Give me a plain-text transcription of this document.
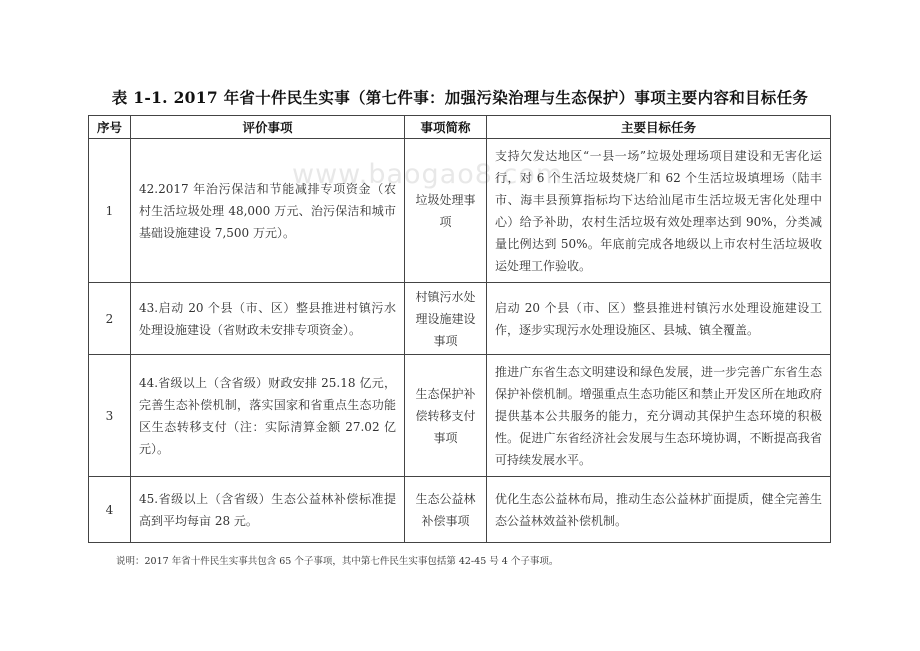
表 1-1. 2017 年省十件民生实事（第七件事：加强污染治理与生态保护）事项主要内容和目标任务
www.baogao8.com
序号	评价事项	事项简称	主要目标任务
1	42.2017 年治污保洁和节能减排专项资金（农村生活垃圾处理 48,000 万元、治污保洁和城市基础设施建设 7,500 万元）。	垃圾处理事项	支持欠发达地区“一县一场”垃圾处理场项目建设和无害化运行，对 6 个生活垃圾焚烧厂和 62 个生活垃圾填埋场（陆丰市、海丰县预算指标均下达给汕尾市生活垃圾无害化处理中心）给予补助，农村生活垃圾有效处理率达到 90%，分类减量比例达到 50%。年底前完成各地级以上市农村生活垃圾收运处理工作验收。
2	43.启动 20 个县（市、区）整县推进村镇污水处理设施建设（省财政未安排专项资金）。	村镇污水处理设施建设事项	启动 20 个县（市、区）整县推进村镇污水处理设施建设工作，逐步实现污水处理设施区、县城、镇全覆盖。
3	44.省级以上（含省级）财政安排 25.18 亿元，完善生态补偿机制，落实国家和省重点生态功能区生态转移支付（注：实际清算金额 27.02 亿元）。	生态保护补偿转移支付事项	推进广东省生态文明建设和绿色发展，进一步完善广东省生态保护补偿机制。增强重点生态功能区和禁止开发区所在地政府提供基本公共服务的能力，充分调动其保护生态环境的积极性。促进广东省经济社会发展与生态环境协调，不断提高我省可持续发展水平。
4	45.省级以上（含省级）生态公益林补偿标准提高到平均每亩 28 元。	生态公益林补偿事项	优化生态公益林布局，推动生态公益林扩面提质，健全完善生态公益林效益补偿机制。
说明：2017 年省十件民生实事共包含 65 个子事项，其中第七件民生实事包括第 42-45 号 4 个子事项。
